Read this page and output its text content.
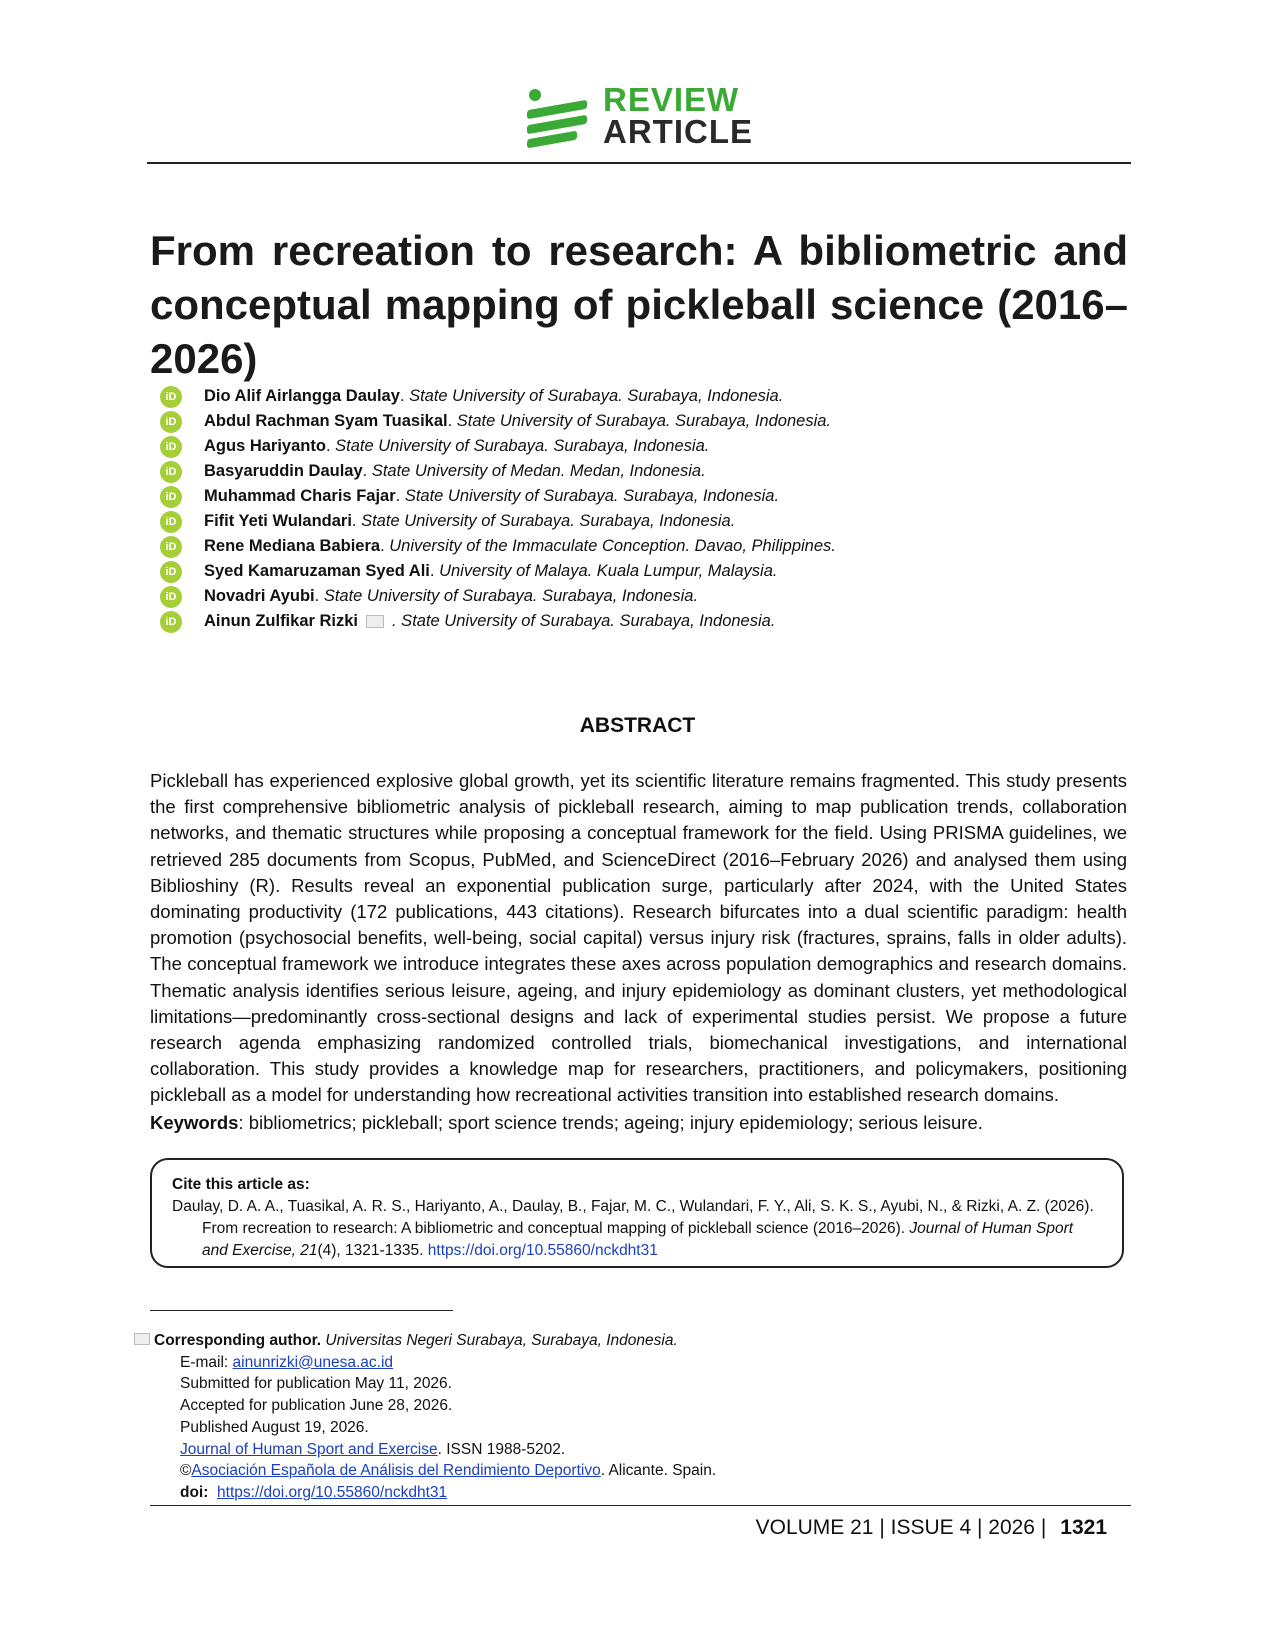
REVIEW
ARTICLE
From recreation to research: A bibliometric and conceptual mapping of pickleball science (2016–2026)
iD	Dio Alif Airlangga Daulay . State University of Surabaya. Surabaya, Indonesia.
iD	Abdul Rachman Syam Tuasikal . State University of Surabaya. Surabaya, Indonesia.
iD	Agus Hariyanto . State University of Surabaya. Surabaya, Indonesia.
iD	Basyaruddin Daulay . State University of Medan. Medan, Indonesia.
iD	Muhammad Charis Fajar . State University of Surabaya. Surabaya, Indonesia.
iD	Fifit Yeti Wulandari . State University of Surabaya. Surabaya, Indonesia.
iD	Rene Mediana Babiera . University of the Immaculate Conception. Davao, Philippines.
iD	Syed Kamaruzaman Syed Ali . University of Malaya. Kuala Lumpur, Malaysia.
iD	Novadri Ayubi . State University of Surabaya. Surabaya, Indonesia.
iD	Ainun Zulfikar Rizki . State University of Surabaya. Surabaya, Indonesia.
ABSTRACT
Pickleball has experienced explosive global growth, yet its scientific literature remains fragmented. This study presents the first comprehensive bibliometric analysis of pickleball research, aiming to map publication trends, collaboration networks, and thematic structures while proposing a conceptual framework for the field. Using PRISMA guidelines, we retrieved 285 documents from Scopus, PubMed, and ScienceDirect (2016–February 2026) and analysed them using Biblioshiny (R). Results reveal an exponential publication surge, particularly after 2024, with the United States dominating productivity (172 publications, 443 citations). Research bifurcates into a dual scientific paradigm: health promotion (psychosocial benefits, well-being, social capital) versus injury risk (fractures, sprains, falls in older adults). The conceptual framework we introduce integrates these axes across population demographics and research domains. Thematic analysis identifies serious leisure, ageing, and injury epidemiology as dominant clusters, yet methodological limitations—predominantly cross-sectional designs and lack of experimental studies persist. We propose a future research agenda emphasizing randomized controlled trials, biomechanical investigations, and international collaboration. This study provides a knowledge map for researchers, practitioners, and policymakers, positioning pickleball as a model for understanding how recreational activities transition into established research domains.
Keywords: bibliometrics; pickleball; sport science trends; ageing; injury epidemiology; serious leisure.
Cite this article as:
Daulay, D. A. A., Tuasikal, A. R. S., Hariyanto, A., Daulay, B., Fajar, M. C., Wulandari, F. Y., Ali, S. K. S., Ayubi, N., & Rizki, A. Z. (2026). From recreation to research: A bibliometric and conceptual mapping of pickleball science (2016–2026). Journal of Human Sport and Exercise, 21(4), 1321-1335. https://doi.org/10.55860/nckdht31
Corresponding author. Universitas Negeri Surabaya, Surabaya, Indonesia.
E-mail: ainunrizki@unesa.ac.id
Submitted for publication May 11, 2026.
Accepted for publication June 28, 2026.
Published August 19, 2026.
Journal of Human Sport and Exercise. ISSN 1988-5202.
©Asociación Española de Análisis del Rendimiento Deportivo. Alicante. Spain.
doi: https://doi.org/10.55860/nckdht31
VOLUME 21 | ISSUE 4 | 2026 | 1321
